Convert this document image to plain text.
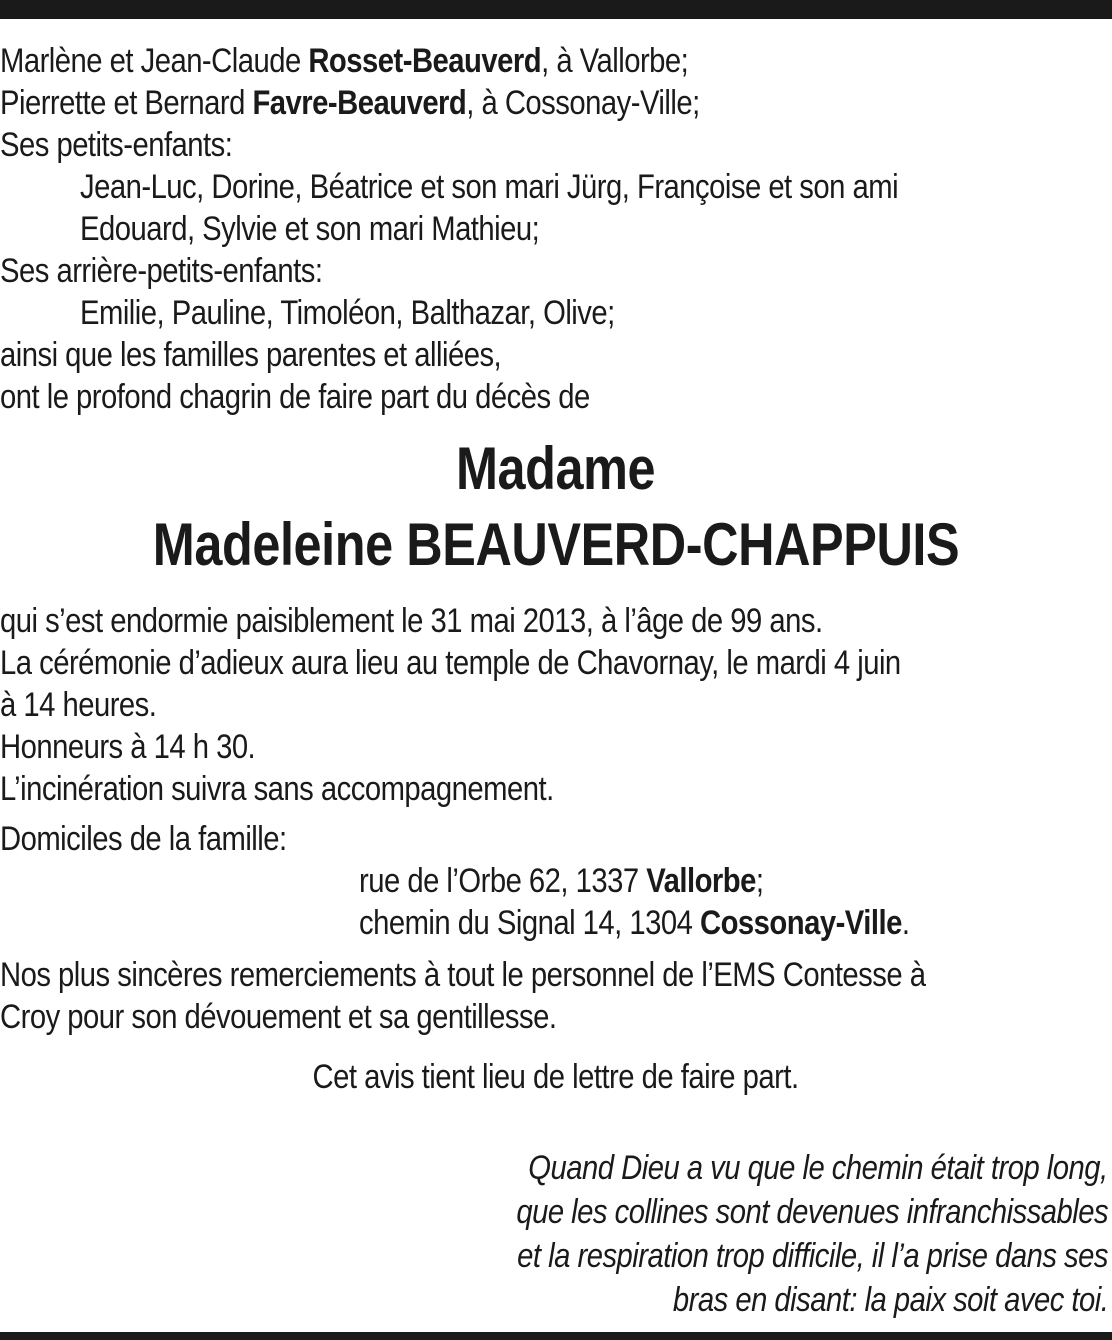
Marlène et Jean-Claude Rosset-Beauverd, à Vallorbe;
Pierrette et Bernard Favre-Beauverd, à Cossonay-Ville;
Ses petits-enfants:
Jean-Luc, Dorine, Béatrice et son mari Jürg, Françoise et son ami
Edouard, Sylvie et son mari Mathieu;
Ses arrière-petits-enfants:
Emilie, Pauline, Timoléon, Balthazar, Olive;
ainsi que les familles parentes et alliées,
ont le profond chagrin de faire part du décès de
Madame
Madeleine BEAUVERD-CHAPPUIS
qui s’est endormie paisiblement le 31 mai 2013, à l’âge de 99 ans.
La cérémonie d’adieux aura lieu au temple de Chavornay, le mardi 4 juin
à 14 heures.
Honneurs à 14 h 30.
L’incinération suivra sans accompagnement.
Domiciles de la famille:
rue de l’Orbe 62, 1337 Vallorbe;
chemin du Signal 14, 1304 Cossonay-Ville.
Nos plus sincères remerciements à tout le personnel de l’EMS Contesse à
Croy pour son dévouement et sa gentillesse.
Cet avis tient lieu de lettre de faire part.
Quand Dieu a vu que le chemin était trop long,
que les collines sont devenues infranchissables
et la respiration trop difficile, il l’a prise dans ses
bras en disant: la paix soit avec toi.
